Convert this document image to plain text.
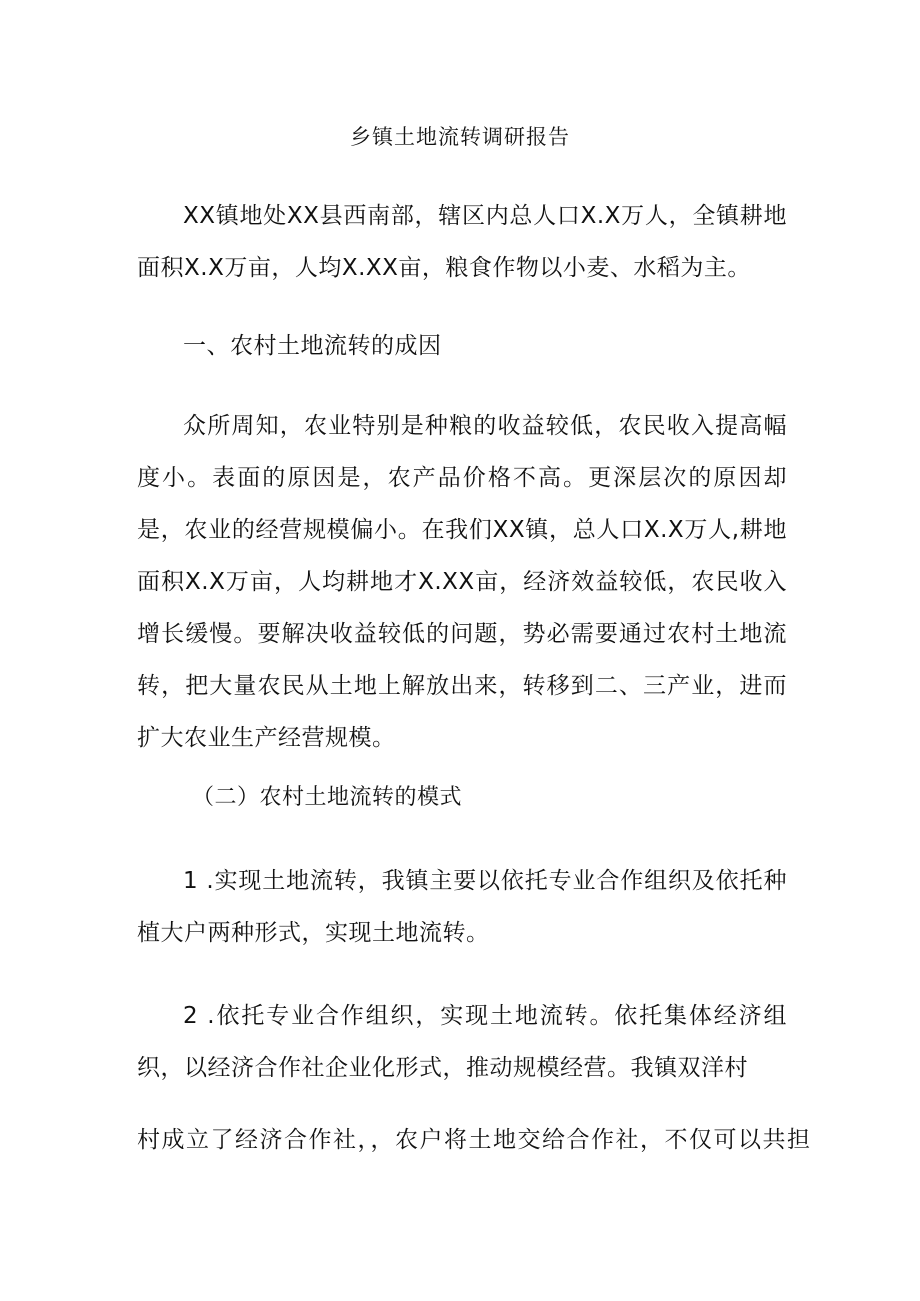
乡镇土地流转调研报告

XX镇地处XX县西南部，辖区内总人口X.X万人，全镇耕地面积X.X万亩，人均X.XX亩，粮食作物以小麦、水稻为主。

一、农村土地流转的成因

众所周知，农业特别是种粮的收益较低，农民收入提高幅度小。表面的原因是，农产品价格不高。更深层次的原因却是，农业的经营规模偏小。在我们XX镇，总人口X.X万人,耕地面积X.X万亩，人均耕地才X.XX亩，经济效益较低，农民收入增长缓慢。要解决收益较低的问题，势必需要通过农村土地流转，把大量农民从土地上解放出来，转移到二、三产业，进而扩大农业生产经营规模。

（二）农村土地流转的模式

1 .实现土地流转，我镇主要以依托专业合作组织及依托种植大户两种形式，实现土地流转。

2 .依托专业合作组织，实现土地流转。依托集体经济组织，以经济合作社企业化形式，推动规模经营。我镇双洋村

村成立了经济合作社，，农户将土地交给合作社，不仅可以共担
